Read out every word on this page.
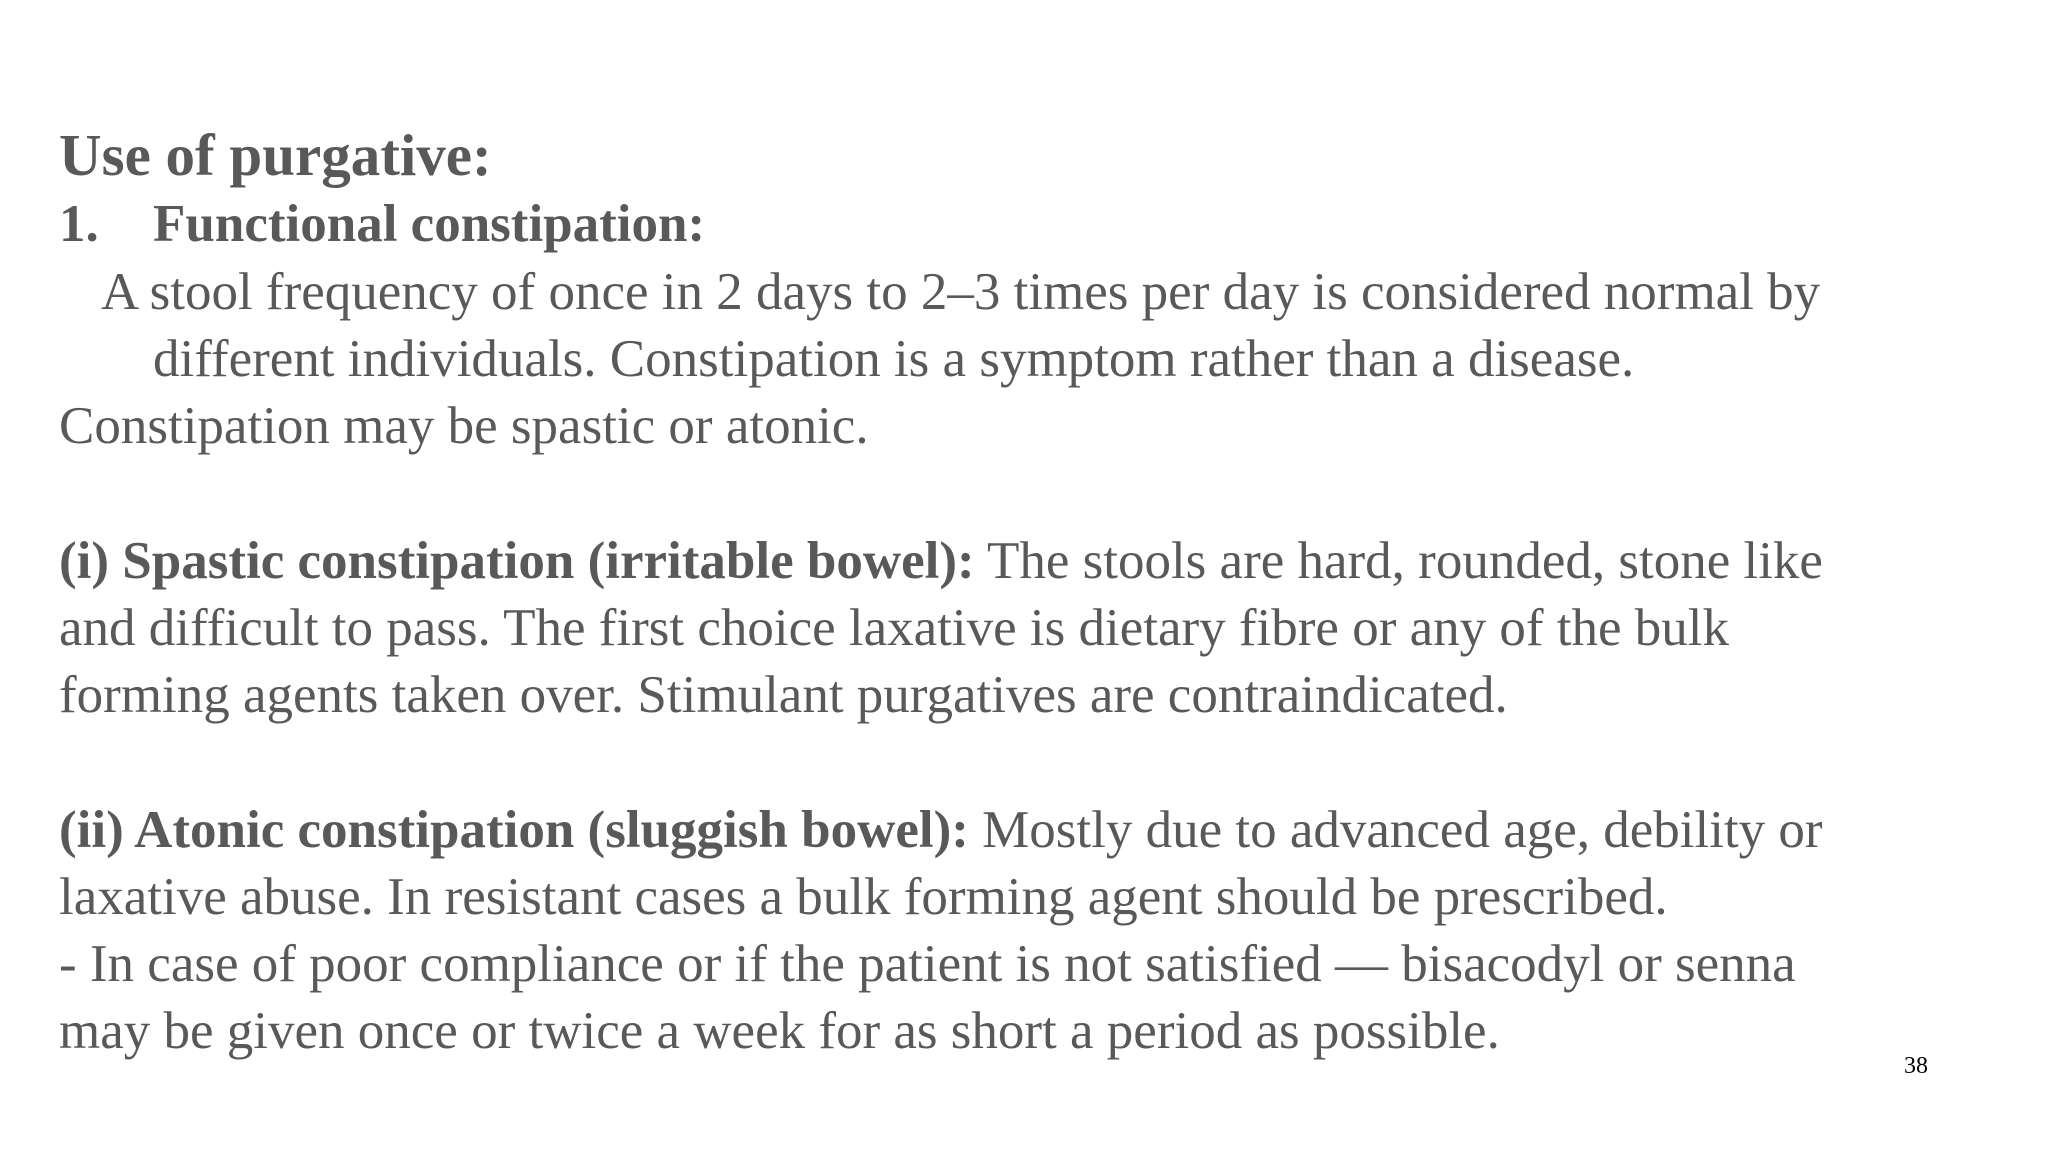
Use of purgative:
1. Functional constipation:
A stool frequency of once in 2 days to 2–3 times per day is considered normal by
different individuals. Constipation is a symptom rather than a disease.
Constipation may be spastic or atonic.
(i) Spastic constipation (irritable bowel): The stools are hard, rounded, stone like
and difficult to pass. The first choice laxative is dietary fibre or any of the bulk
forming agents taken over. Stimulant purgatives are contraindicated.
(ii) Atonic constipation (sluggish bowel): Mostly due to advanced age, debility or
laxative abuse. In resistant cases a bulk forming agent should be prescribed.
- In case of poor compliance or if the patient is not satisfied — bisacodyl or senna
may be given once or twice a week for as short a period as possible.
38
